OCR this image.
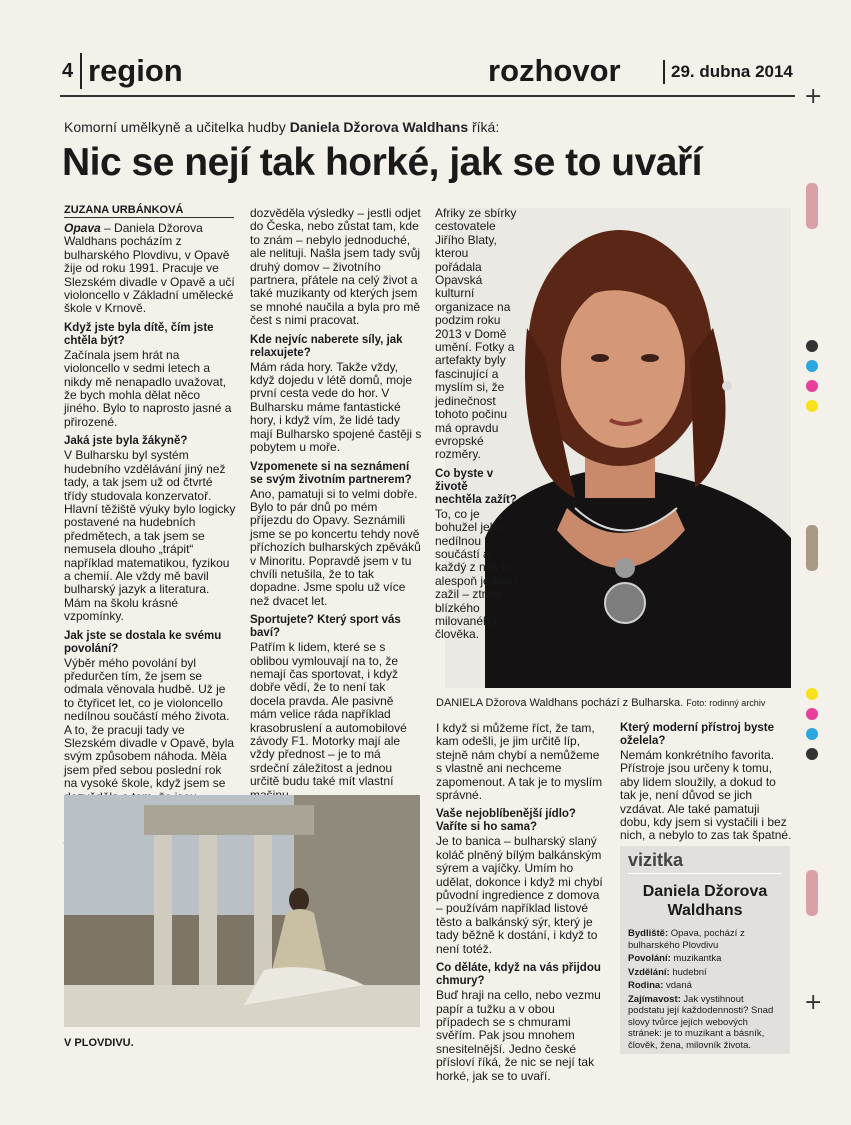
4 region	rozhovor	29. dubna 2014
+
+
Komorní umělkyně a učitelka hudby Daniela Džorova Waldhans říká:
Nic se nejí tak horké, jak se to uvaří
ZUZANA URBÁNKOVÁ

Opava – Daniela Džorova Waldhans pocházím z bulharského Plovdivu, v Opavě žije od roku 1991. Pracuje ve Slezském divadle v Opavě a učí violoncello v Základní umělecké škole v Krnově.

Když jste byla dítě, čím jste chtěla být?

Začínala jsem hrát na violoncello v sedmi letech a nikdy mě nenapadlo uvažovat, že bych mohla dělat něco jiného. Bylo to naprosto jasné a přirozené.

Jaká jste byla žákyně?

V Bulharsku byl systém hudebního vzdělávání jiný než tady, a tak jsem už od čtvrté třídy studovala konzervatoř. Hlavní těžiště výuky bylo logicky postavené na hudebních předmětech, a tak jsem se nemusela dlouho „trápit“ například matematikou, fyzikou a chemií. Ale vždy mě bavil bulharský jazyk a literatura. Mám na školu krásné vzpomínky.

Jak jste se dostala ke svému povolání?

Výběr mého povolání byl předurčen tím, že jsem se odmala věnovala hudbě. Už je to čtyřicet let, co je violoncello nedílnou součástí mého života. A to, že pracuji tady ve Slezském divadle v Opavě, byla svým způsobem náhoda. Měla jsem před sebou poslední rok na vysoké škole, když jsem se

dozvěděla výsledky – jestli odjet do Česka, nebo zůstat tam, kde to znám – nebylo jednoduché, ale nelituji. Našla jsem tady svůj druhý domov – životního partnera, přátele na celý život a také muzikanty od kterých jsem se mnohé naučila a byla pro mě čest s nimi pracovat.

Kde nejvíc naberete síly, jak relaxujete?

Mám ráda hory. Takže vždy, když dojedu v létě domů, moje první cesta vede do hor. V Bulharsku máme fantastické hory, i když vím, že lidé tady mají Bulharsko spojené častěji s pobytem u moře.

Vzpomenete si na seznámení se svým životním partnerem?

Ano, pamatuji si to velmi dobře. Bylo to pár dnů po mém příjezdu do Opavy. Seznámili jsme se po koncertu tehdy nově příchozích bulharských zpěváků v Minoritu. Popravdě jsem v tu chvíli netušila, že to tak dopadne. Jsme spolu už více než dvacet let.

Sportujete? Který sport vás baví?

Patřím k lidem, které se s oblibou vymlouvají na to, že nemají čas sportovat, i když dobře vědí, že to není tak docela pravda. Ale pasivně mám velice ráda například krasobruslení a automobilové závody F1. Motorky mají ale vždy přednost – je to má srdeční záležitost a jednou určitě budu také mít vlastní

DANIELA Džorova Waldhans pochází z Bulharska. Foto: rodinný archiv

Afriky ze sbírky cestovatele Jiřího Blaty, kterou pořádala Opavská kulturní organizace na podzim roku 2013 v Domě umění. Fotky a artefakty byly fascinující a myslím si, že jedinečnost tohoto počinu má opravdu evropské rozměry.

Co byste v životě nechtěla zažít?

To, co je bohužel jeho nedílnou součástí a každý z nás to alespoň jednou zažil – ztráta blízkého milovaného člověka.

V PLOVDIVU.

I když si můžeme říct, že tam, kam odešli, je jim určitě líp, stejně nám chybí a nemůžeme s vlastně ani nechceme zapomenout. A tak je to myslím správné.

Vaše nejoblíbenější jídlo? Vaříte si ho sama?

Je to banica – bulharský slaný koláč plněný bílým balkánským sýrem a vajíčky. Umím ho udělat, dokonce i když mi chybí původní ingredience z domova – používám například listové těsto a balkánský sýr, který je tady běžně k dostání, i když to není totéž.

Co děláte, když na vás přijdou chmury?

Buď hraji na cello, nebo vezmu papír a tužku a v obou případech se s chmurami svěřím. Pak jsou mnohem snesitelnější. Jedno české přísloví říká, že nic se nejí tak horké, jak se to uvaří.

Který moderní přístroj byste oželela?

Nemám konkrétního favorita. Přístroje jsou určeny k tomu, aby lidem sloužily, a dokud to tak je, není důvod se jich vzdávat. Ale také pamatuji dobu, kdy jsem si vystačili i bez nich, a nebylo to zas tak špatné.

vizitka
Daniela Džorova Waldhans
Bydliště: Opava, pochází z bulharského Plovdivu
Povolání: muzikantka
Vzdělání: hudební
Rodina: vdaná
Zajímavost: Jak vystihnout podstatu její každodennosti? Snad slovy tvůrce jejích webových stránek: je to muzikant a básník, člověk, žena, milovník života.
